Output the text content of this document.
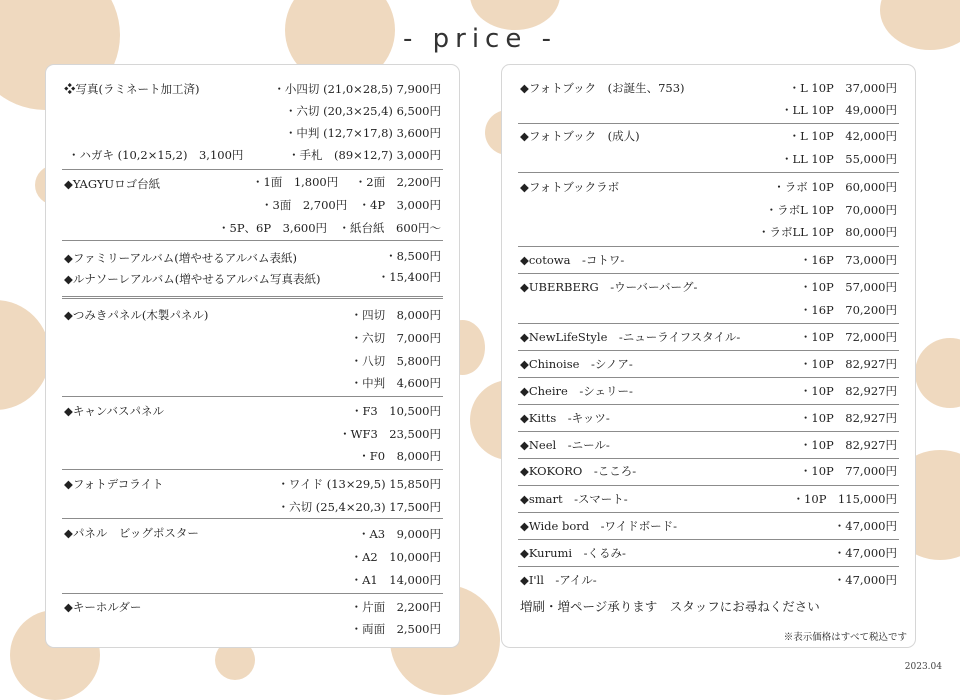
- price -
❖写真(ラミネート加工済)	・小四切 (21,0×28,5) 7,900円
・六切 (20,3×25,4) 6,500円
・中判 (12,7×17,8) 3,600円
・ハガキ (10,2×15,2)　3,100円	・手札　(89×12,7) 3,000円
◆YAGYUロゴ台紙	・1面　1,800円 ・2面　2,200円
・3面　2,700円 ・4P　3,000円
・5P、6P　3,600円 ・紙台紙　600円〜
◆ファミリーアルバム(増やせるアルバム表紙)	・8,500円
◆ルナソーレアルバム(増やせるアルバム写真表紙)	・15,400円
◆つみきパネル(木製パネル)	・四切　8,000円
・六切　7,000円
・八切　5,800円
・中判　4,600円
◆キャンバスパネル	・F3　10,500円
・WF3　23,500円
・F0　8,000円
◆フォトデコライト	・ワイド (13×29,5) 15,850円
・六切 (25,4×20,3) 17,500円
◆パネル　ビッグポスター	・A3　9,000円
・A2　10,000円
・A1　14,000円
◆キーホルダー	・片面　2,200円
・両面　2,500円
◆フォトブック　(お誕生、753)	・L 10P　37,000円
・LL 10P　49,000円
◆フォトブック　(成人)	・L 10P　42,000円
・LL 10P　55,000円
◆フォトブックラボ	・ラボ 10P　60,000円
・ラボL 10P　70,000円
・ラボLL 10P　80,000円
◆cotowa　-コトワ-	・16P　73,000円
◆UBERBERG　-ウーバーバーグ-	・10P　57,000円
・16P　70,200円
◆NewLifeStyle　-ニューライフスタイル-	・10P　72,000円
◆Chinoise　-シノア-	・10P　82,927円
◆Cheire　-シェリー-	・10P　82,927円
◆Kitts　-キッツ-	・10P　82,927円
◆Neel　-ニール-	・10P　82,927円
◆KOKORO　-こころ-	・10P　77,000円
◆smart　-スマート-	・10P　115,000円
◆Wide bord　-ワイドボード-	・47,000円
◆Kurumi　-くるみ-	・47,000円
◆I'll　-アイル-	・47,000円
増刷・増ページ承ります　スタッフにお尋ねください
※表示価格はすべて税込です
2023.04
